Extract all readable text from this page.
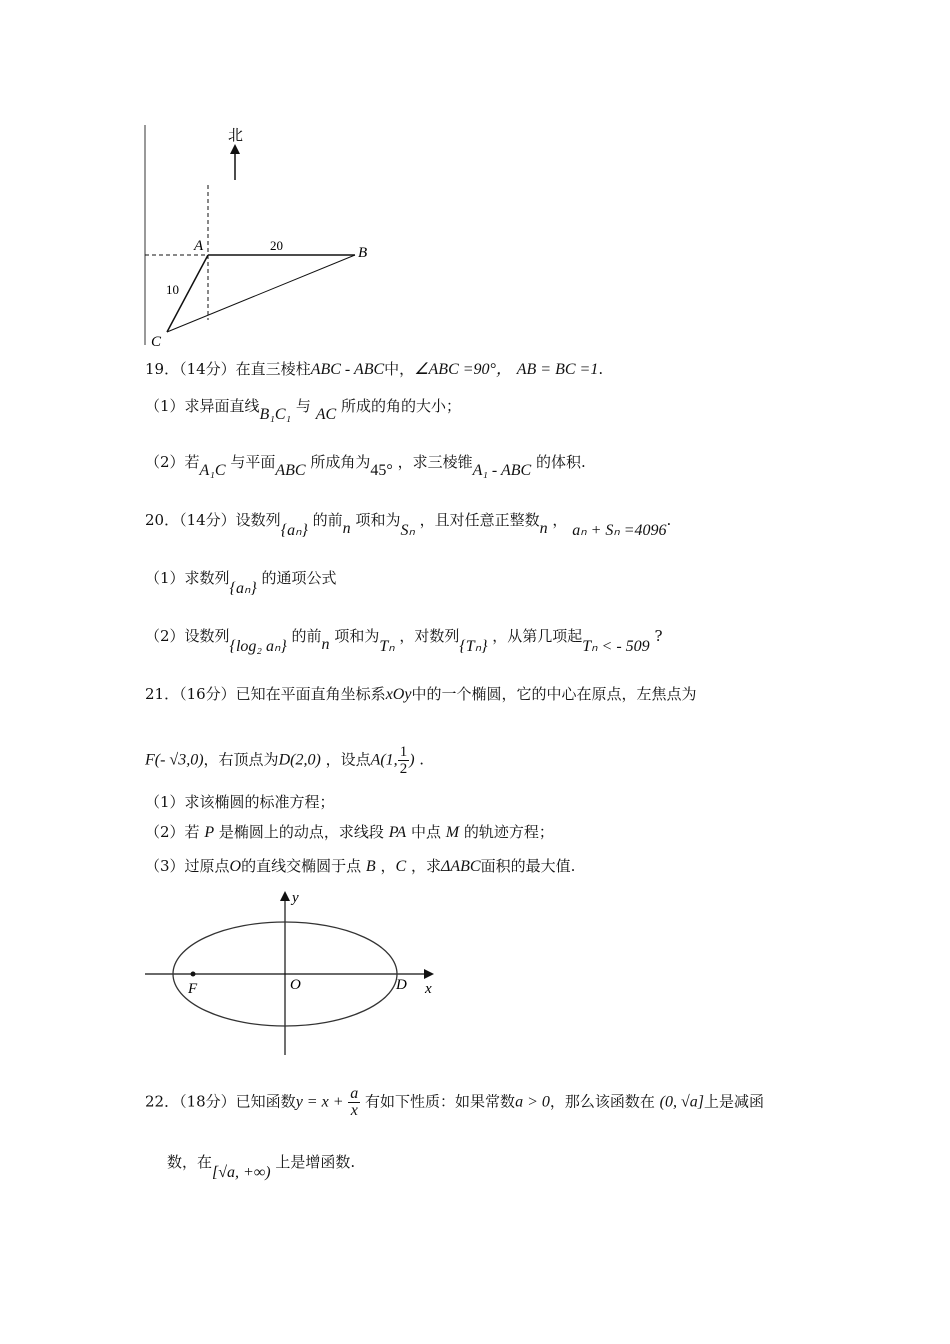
北
A	B
C
20
10
19．（14分）在直三棱柱ABC - ABC中，∠ABC =90°， AB = BC =1.
（1）求异面直线B₁C₁ 与 AC 所成的角的大小；
（2）若A₁C 与平面ABC 所成角为45° ，求三棱锥A₁ - ABC 的体积.
20．（14分）设数列{aₙ} 的前n 项和为Sₙ ，且对任意正整数n ， aₙ + Sₙ =4096.
（1）求数列{aₙ} 的通项公式
（2）设数列{log₂ aₙ} 的前n 项和为Tₙ ，对数列{Tₙ} ，从第几项起Tₙ < - 509 ?
21．（16分）已知在平面直角坐标系xOy中的一个椭圆，它的中心在原点，左焦点为
F(- √3,0)，右顶点为D(2,0) ，设点A(1, $\frac{1}{2}$ ) .
（1）求该椭圆的标准方程；
（2）若 P 是椭圆上的动点，求线段 PA 中点 M 的轨迹方程；
（3）过原点O的直线交椭圆于点 B ，C ，求ΔABC面积的最大值.
y
x
F	O	D
22．（18分）已知函数$y = x + \frac{a}{x}$ 有如下性质：如果常数a > 0，那么该函数在 (0, √a]上是减函
数，在[√a, +∞) 上是增函数.
